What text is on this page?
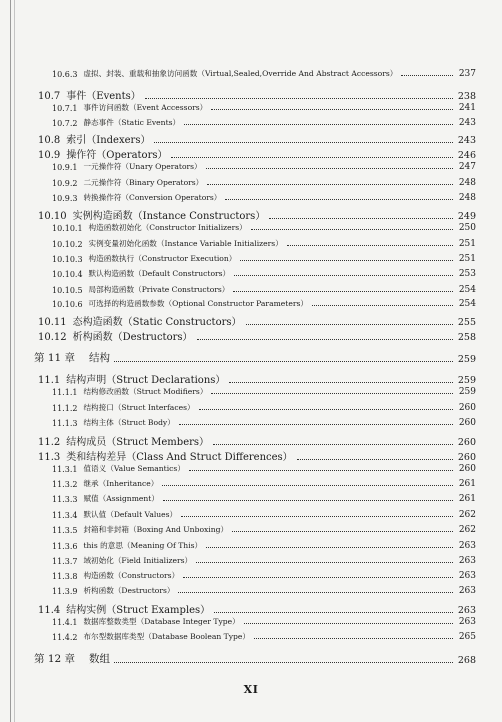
10.6.3 虚拟、封装、重载和抽象访问函数（Virtual,Sealed,Override And Abstract Accessors）	237
10.7 事件（Events）	238
10.7.1 事件访问函数（Event Accessors）	241
10.7.2 静态事件（Static Events）	243
10.8 索引（Indexers）	243
10.9 操作符（Operators）	246
10.9.1 一元操作符（Unary Operators）	247
10.9.2 二元操作符（Binary Operators）	248
10.9.3 转换操作符（Conversion Operators）	248
10.10 实例构造函数（Instance Constructors）	249
10.10.1 构造函数初始化（Constructor Initializers）	250
10.10.2 实例变量初始化函数（Instance Variable Initializers）	251
10.10.3 构造函数执行（Constructor Execution）	251
10.10.4 默认构造函数（Default Constructors）	253
10.10.5 局部构造函数（Private Constructors）	254
10.10.6 可选择的构造函数参数（Optional Constructor Parameters）	254
10.11 态构造函数（Static Constructors）	255
10.12 析构函数（Destructors）	258
第 11 章 结构	259
11.1 结构声明（Struct Declarations）	259
11.1.1 结构修改函数（Struct Modifiers）	259
11.1.2 结构接口（Struct Interfaces）	260
11.1.3 结构主体（Struct Body）	260
11.2 结构成员（Struct Members）	260
11.3 类和结构差异（Class And Struct Differences）	260
11.3.1 值语义（Value Semantics）	260
11.3.2 继承（Inheritance）	261
11.3.3 赋值（Assignment）	261
11.3.4 默认值（Default Values）	262
11.3.5 封箱和非封箱（Boxing And Unboxing）	262
11.3.6 this 的意思（Meaning Of This）	263
11.3.7 域初始化（Field Initializers）	263
11.3.8 构造函数（Constructors）	263
11.3.9 析构函数（Destructors）	263
11.4 结构实例（Struct Examples）	263
11.4.1 数据库整数类型（Database Integer Type）	263
11.4.2 布尔型数据库类型（Database Boolean Type）	265
第 12 章 数组	268
XI
